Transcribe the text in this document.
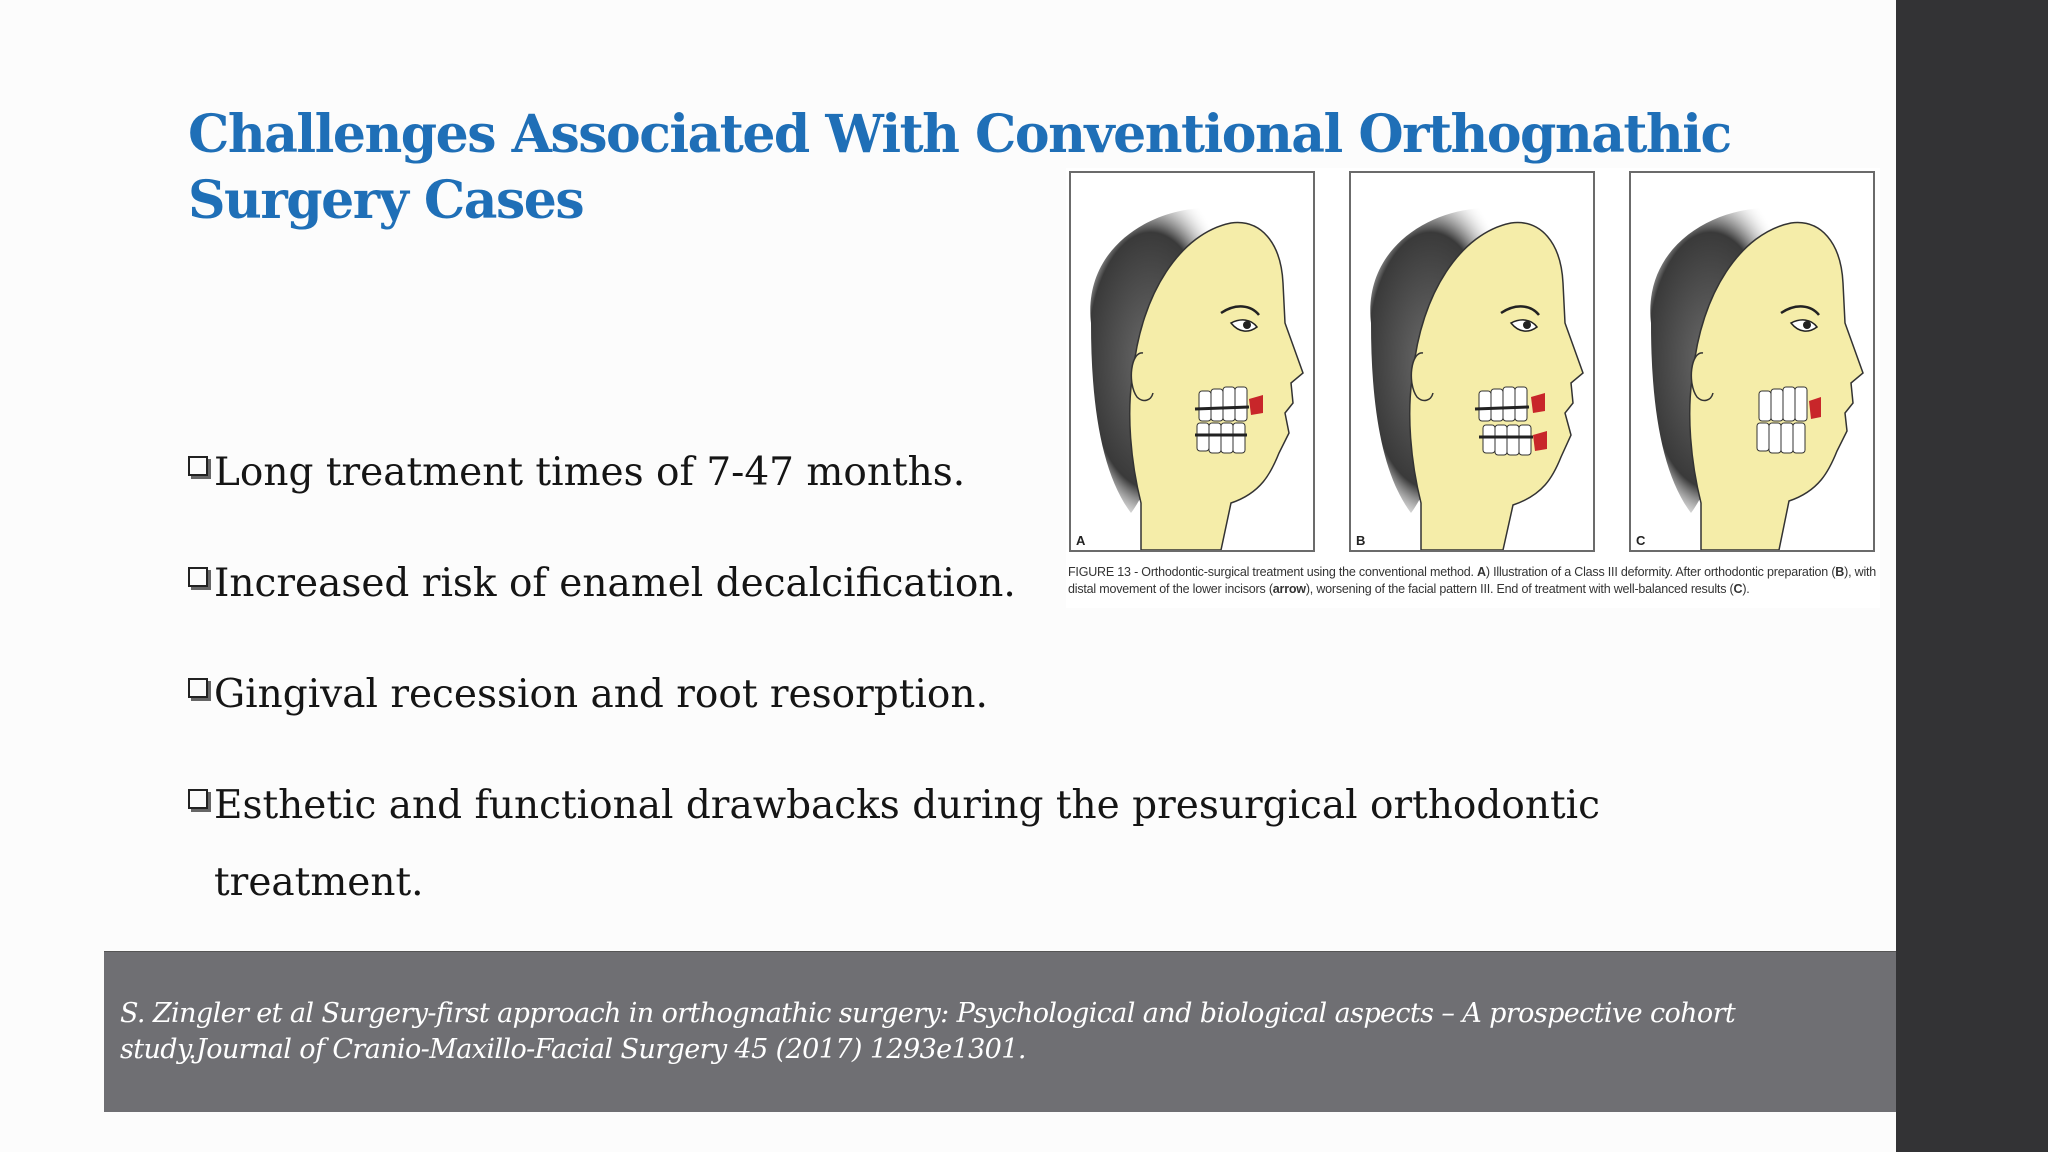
Challenges Associated With Conventional Orthognathic Surgery Cases
Long treatment times of 7-47 months.
Increased risk of enamel decalcification.
Gingival recession and root resorption.
Esthetic and functional drawbacks during the presurgical orthodontic treatment.
A	B	C
FIGURE 13 - Orthodontic-surgical treatment using the conventional method. A) Illustration of a Class III deformity. After orthodontic preparation (B), with distal movement of the lower incisors (arrow), worsening of the facial pattern III. End of treatment with well-balanced results (C).

S. Zingler et al Surgery-first approach in orthognathic surgery: Psychological and biological aspects – A prospective cohort study.Journal of Cranio-Maxillo-Facial Surgery 45 (2017) 1293e1301.
